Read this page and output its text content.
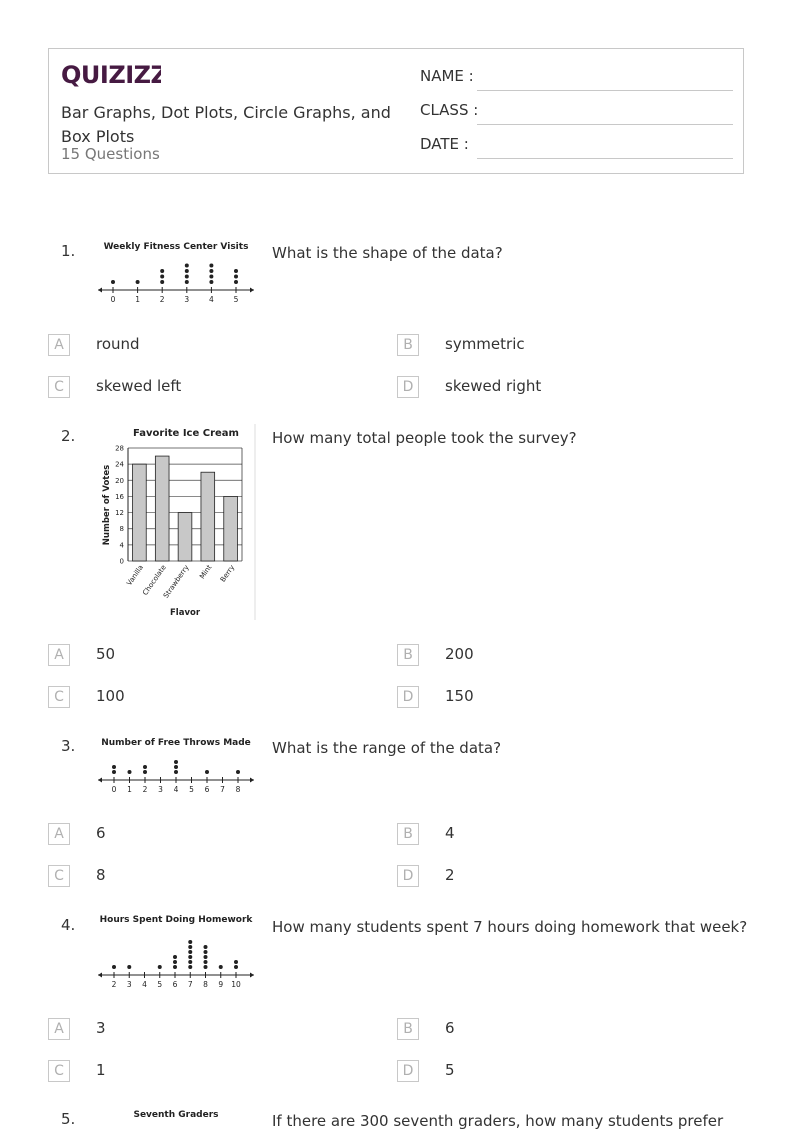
QUIZIZZ
Bar Graphs, Dot Plots, Circle Graphs, and Box Plots
15 Questions
NAME :
CLASS :
DATE :
1.	Weekly Fitness Center Visits
0	1	2	3	4	5
What is the shape of the data?
A	round	B	symmetric
C	skewed left	D	skewed right
2.	Favorite Ice Cream
0
4
8
12
16
20
24
28
Vanilla
Chocolate
Strawberry Mint Berry
Flavor
Number of Votes
How many total people took the survey?
A	50	B	200
C	100	D	150
3.	Number of Free Throws Made
0 1 2 3 4 5 6 7 8
What is the range of the data?
A	6	B	4
C	8	D	2
4.	Hours Spent Doing Homework
2 3 4 5 6 7 8 9 10
How many students spent 7 hours doing homework that week?
A	3	B	6
C	1	D	5
5.	Seventh Graders	If there are 300 seventh graders, how many students prefer
